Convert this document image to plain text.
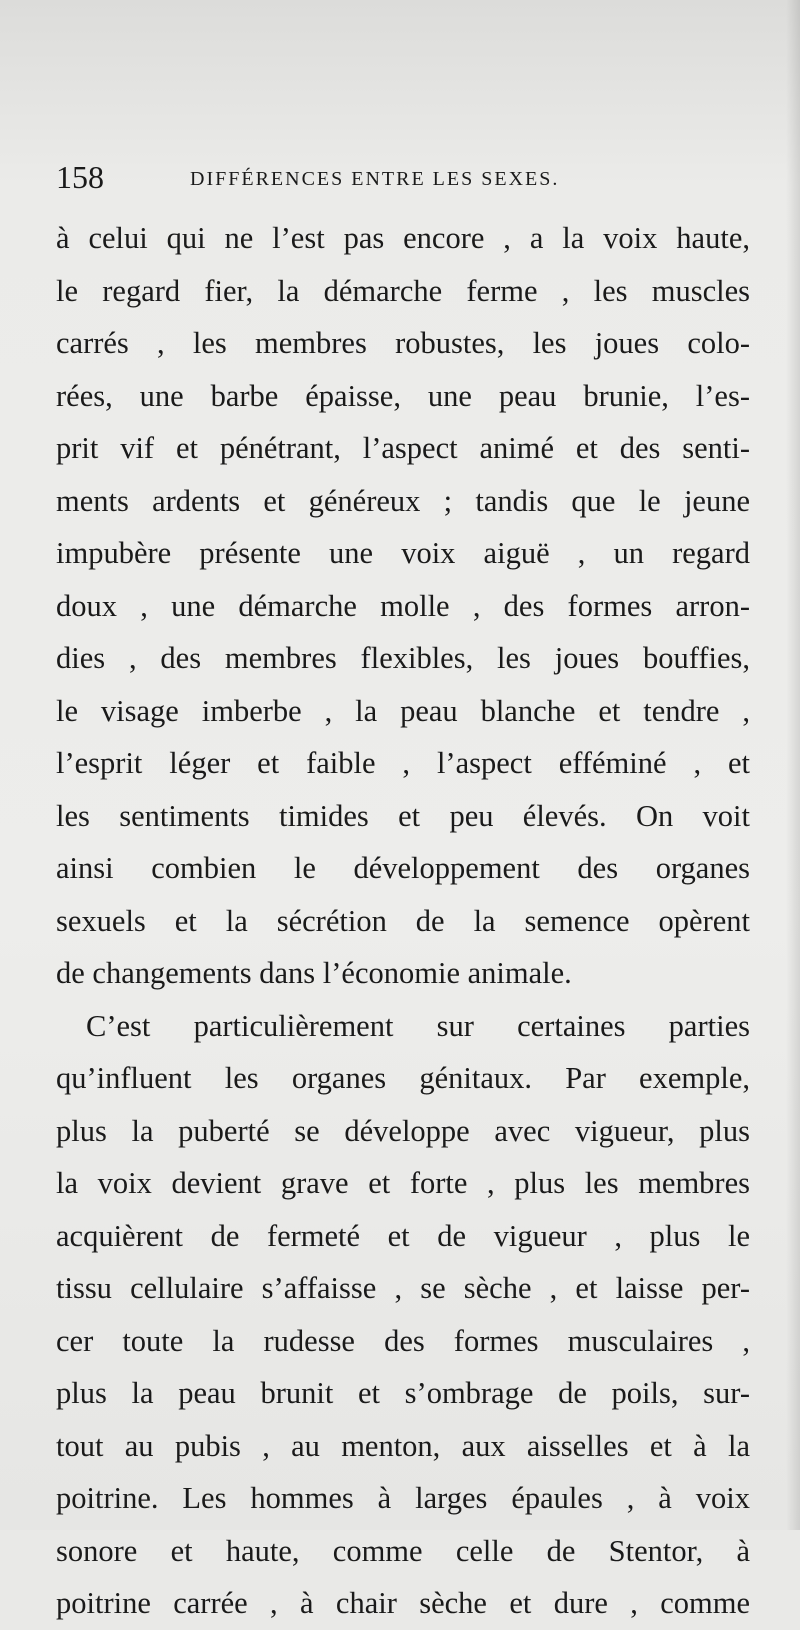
158	DIFFÉRENCES ENTRE LES SEXES.
à celui qui ne l’est pas encore , a la voix haute,
le regard fier, la démarche ferme , les muscles
carrés , les membres robustes, les joues colo-
rées, une barbe épaisse, une peau brunie, l’es-
prit vif et pénétrant, l’aspect animé et des senti-
ments ardents et généreux ; tandis que le jeune
impubère présente une voix aiguë , un regard
doux , une démarche molle , des formes arron-
dies , des membres flexibles, les joues bouffies,
le visage imberbe , la peau blanche et tendre ,
l’esprit léger et faible , l’aspect efféminé , et
les sentiments timides et peu élevés. On voit
ainsi combien le développement des organes
sexuels et la sécrétion de la semence opèrent
de changements dans l’économie animale.
C’est particulièrement sur certaines parties
qu’influent les organes génitaux. Par exemple,
plus la puberté se développe avec vigueur, plus
la voix devient grave et forte , plus les membres
acquièrent de fermeté et de vigueur , plus le
tissu cellulaire s’affaisse , se sèche , et laisse per-
cer toute la rudesse des formes musculaires ,
plus la peau brunit et s’ombrage de poils, sur-
tout au pubis , au menton, aux aisselles et à la
poitrine. Les hommes à larges épaules , à voix
sonore et haute, comme celle de Stentor, à
poitrine carrée , à chair sèche et dure , comme
